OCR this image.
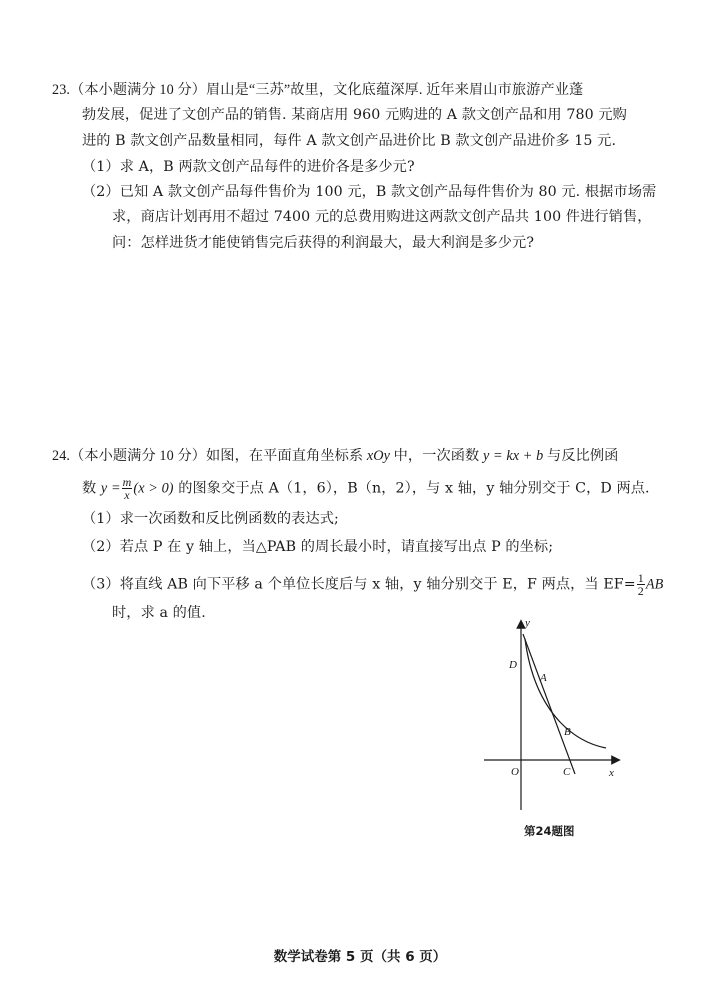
23.（本小题满分 10 分）眉山是“三苏”故里，文化底蕴深厚. 近年来眉山市旅游产业蓬
勃发展，促进了文创产品的销售. 某商店用 960 元购进的 A 款文创产品和用 780 元购
进的 B 款文创产品数量相同，每件 A 款文创产品进价比 B 款文创产品进价多 15 元.
（1）求 A，B 两款文创产品每件的进价各是多少元?
（2）已知 A 款文创产品每件售价为 100 元，B 款文创产品每件售价为 80 元. 根据市场需
求，商店计划再用不超过 7400 元的总费用购进这两款文创产品共 100 件进行销售，
问：怎样进货才能使销售完后获得的利润最大，最大利润是多少元?
24.（本小题满分 10 分）如图，在平面直角坐标系 xOy 中，一次函数 y = kx + b 与反比例函
数 $y = \frac{m}{x} (x > 0)$ 的图象交于点 A（1，6），B（n，2），与 x 轴，y 轴分别交于 C，D 两点.
（1）求一次函数和反比例函数的表达式;
（2）若点 P 在 y 轴上，当△PAB 的周长最小时，请直接写出点 P 的坐标;
（3）将直线 AB 向下平移 a 个单位长度后与 x 轴，y 轴分别交于 E，F 两点，当 $EF= \frac{1}{2}$ AB
时，求 a 的值.
y
x
O
D
A
B
C
第24题图
数学试卷第 5 页（共 6 页）
